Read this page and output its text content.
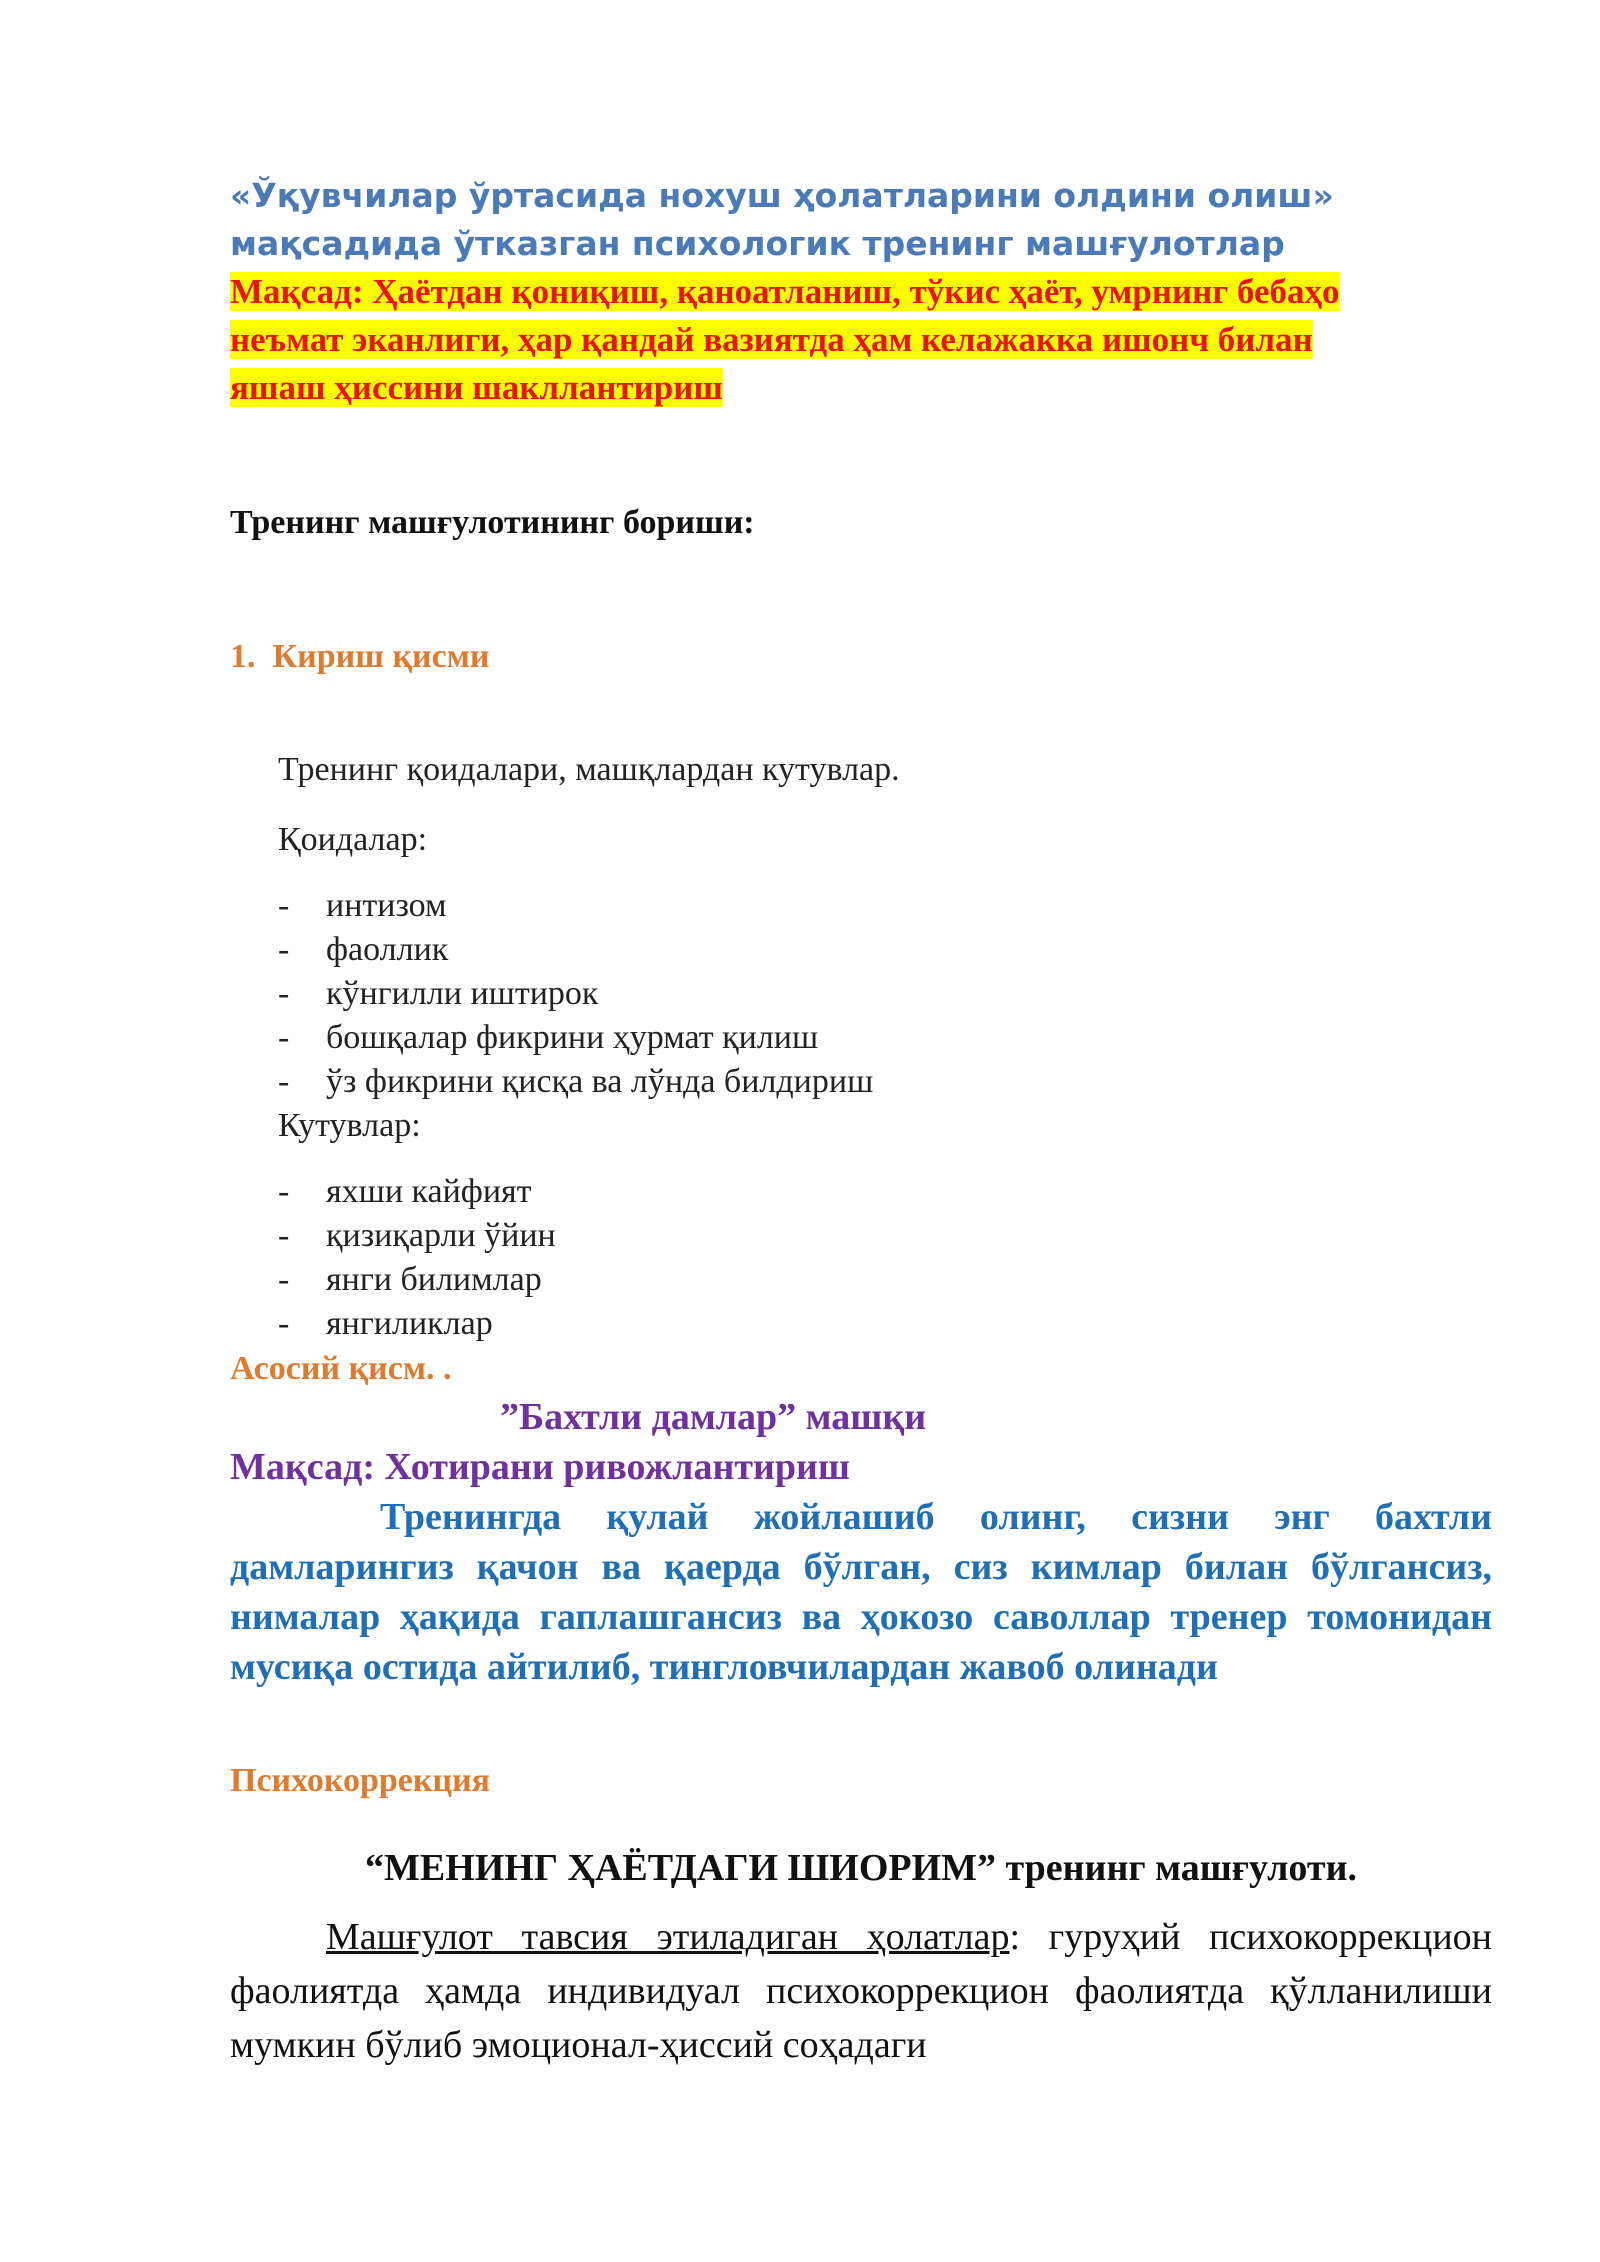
«Ўқувчилар ўртасида нохуш ҳолатларини олдини олиш»

мақсадида ўтказган психологик тренинг машғулотлар

Мақсад: Ҳаётдан қониқиш, қаноатланиш, тўкис ҳаёт, умрнинг бебаҳо

неъмат эканлиги, ҳар қандай вазиятда ҳам келажакка ишонч билан

яшаш ҳиссини шакллантириш

Тренинг машғулотининг бориши:

1. Кириш қисми

Тренинг қоидалари, машқлардан кутувлар.

Қоидалар:

- интизом
- фаоллик
- кўнгилли иштирок
- бошқалар фикрини ҳурмат қилиш
- ўз фикрини қисқа ва лўнда билдириш

Кутувлар:

- яхши кайфият
- қизиқарли ўйин
- янги билимлар
- янгиликлар

Асосий қисм. .

”Бахтли дамлар” машқи

Мақсад: Хотирани ривожлантириш

Тренингда қулай жойлашиб олинг, сизни энг бахтли дамларингиз қачон ва қаерда бўлган, сиз кимлар билан бўлгансиз, нималар ҳақида гаплашгансиз ва ҳокозо саволлар тренер томонидан мусиқа остида айтилиб, тингловчилардан жавоб олинади

Психокоррекция

“МЕНИНГ ҲАЁТДАГИ ШИОРИМ” тренинг машғулоти.

Машғулот тавсия этиладиган ҳолатлар: гуруҳий психокоррекцион фаолиятда ҳамда индивидуал психокоррекцион фаолиятда қўлланилиши мумкин бўлиб эмоционал-ҳиссий соҳадаги
